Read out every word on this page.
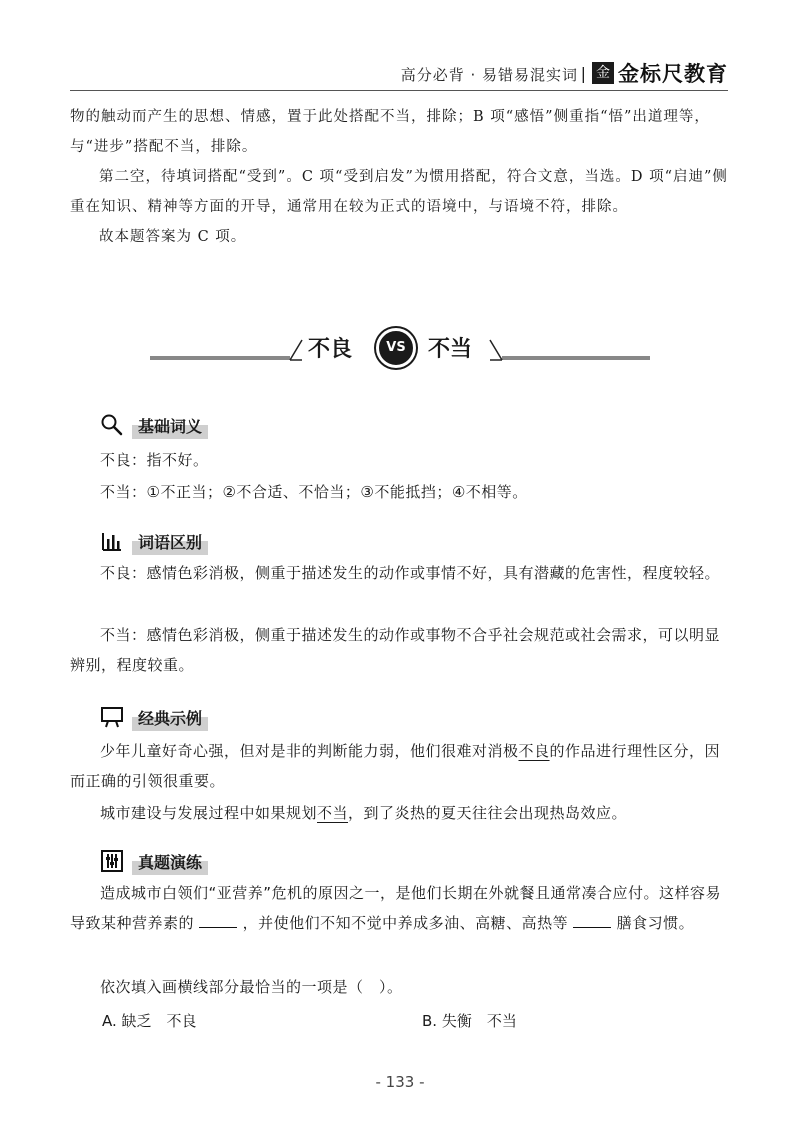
高分必背 · 易错易混实词 | 金 金标尺教育

物的触动而产生的思想、情感，置于此处搭配不当，排除；B 项“感悟”侧重指“悟”出道理等，与“进步”搭配不当，排除。

第二空，待填词搭配“受到”。C 项“受到启发”为惯用搭配，符合文意，当选。D 项“启迪”侧重在知识、精神等方面的开导，通常用在较为正式的语境中，与语境不符，排除。

故本题答案为 C 项。

不良	VS	不当
基础词义

不良：指不好。

不当：①不正当；②不合适、不恰当；③不能抵挡；④不相等。

词语区别

不良：感情色彩消极，侧重于描述发生的动作或事情不好，具有潜藏的危害性，程度较轻。

不当：感情色彩消极，侧重于描述发生的动作或事物不合乎社会规范或社会需求，可以明显辨别，程度较重。

经典示例

少年儿童好奇心强，但对是非的判断能力弱，他们很难对消极不良的作品进行理性区分，因而正确的引领很重要。

城市建设与发展过程中如果规划不当，到了炎热的夏天往往会出现热岛效应。

真题演练

造成城市白领们“亚营养”危机的原因之一，是他们长期在外就餐且通常凑合应付。这样容易导致某种营养素的	，并使他们不知不觉中养成多油、高糖、高热等	膳食习惯。

依次填入画横线部分最恰当的一项是（　）。

A. 缺乏　不良	B. 失衡　不当
- 133 -
